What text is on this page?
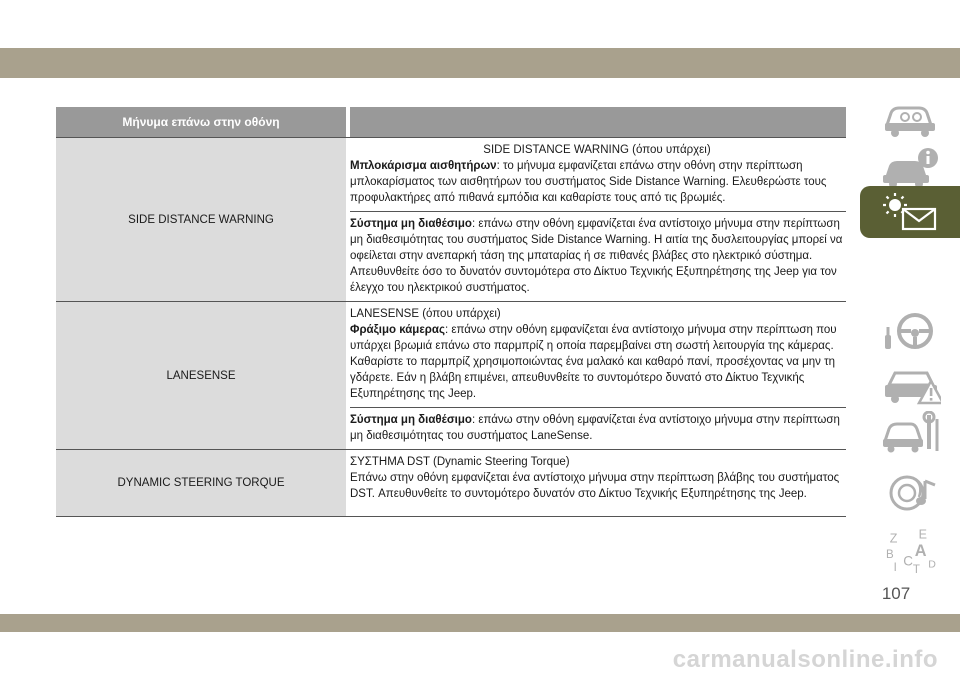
Μήνυμα επάνω στην οθόνη
SIDE DISTANCE WARNING
SIDE DISTANCE WARNING (όπου υπάρχει)
Μπλοκάρισμα αισθητήρων: το μήνυμα εμφανίζεται επάνω στην οθόνη στην περίπτωση μπλοκαρίσματος των αισθητήρων του συστήματος Side Distance Warning. Ελευθερώστε τους προφυλακτήρες από πιθανά εμπόδια και καθαρίστε τους από τις βρωμιές.
Σύστημα μη διαθέσιμο: επάνω στην οθόνη εμφανίζεται ένα αντίστοιχο μήνυμα στην περίπτωση μη διαθεσιμότητας του συστήματος Side Distance Warning. Η αιτία της δυσλειτουργίας μπορεί να οφείλεται στην ανεπαρκή τάση της μπαταρίας ή σε πιθανές βλάβες στο ηλεκτρικό σύστημα. Απευθυνθείτε όσο το δυνατόν συντομότερα στο Δίκτυο Τεχνικής Εξυπηρέτησης της Jeep για τον έλεγχο του ηλεκτρικού συστήματος.
LANESENSE
LANESENSE (όπου υπάρχει)
Φράξιμο κάμερας: επάνω στην οθόνη εμφανίζεται ένα αντίστοιχο μήνυμα στην περίπτωση που υπάρχει βρωμιά επάνω στο παρμπρίζ η οποία παρεμβαίνει στη σωστή λειτουργία της κάμερας. Καθαρίστε το παρμπρίζ χρησιμοποιώντας ένα μαλακό και καθαρό πανί, προσέχοντας να μην τη γδάρετε. Εάν η βλάβη επιμένει, απευθυνθείτε το συντομότερο δυνατό στο Δίκτυο Τεχνικής Εξυπηρέτησης της Jeep.
Σύστημα μη διαθέσιμο: επάνω στην οθόνη εμφανίζεται ένα αντίστοιχο μήνυμα στην περίπτωση μη διαθεσιμότητας του συστήματος LaneSense.
DYNAMIC STEERING TORQUE
ΣΥΣΤΗΜΑ DST (Dynamic Steering Torque)
Επάνω στην οθόνη εμφανίζεται ένα αντίστοιχο μήνυμα στην περίπτωση βλάβης του συστήματος DST. Απευθυνθείτε το συντομότερο δυνατόν στο Δίκτυο Τεχνικής Εξυπηρέτησης της Jeep.
Z E
B A
I C
T D
107
carmanualsonline.info
